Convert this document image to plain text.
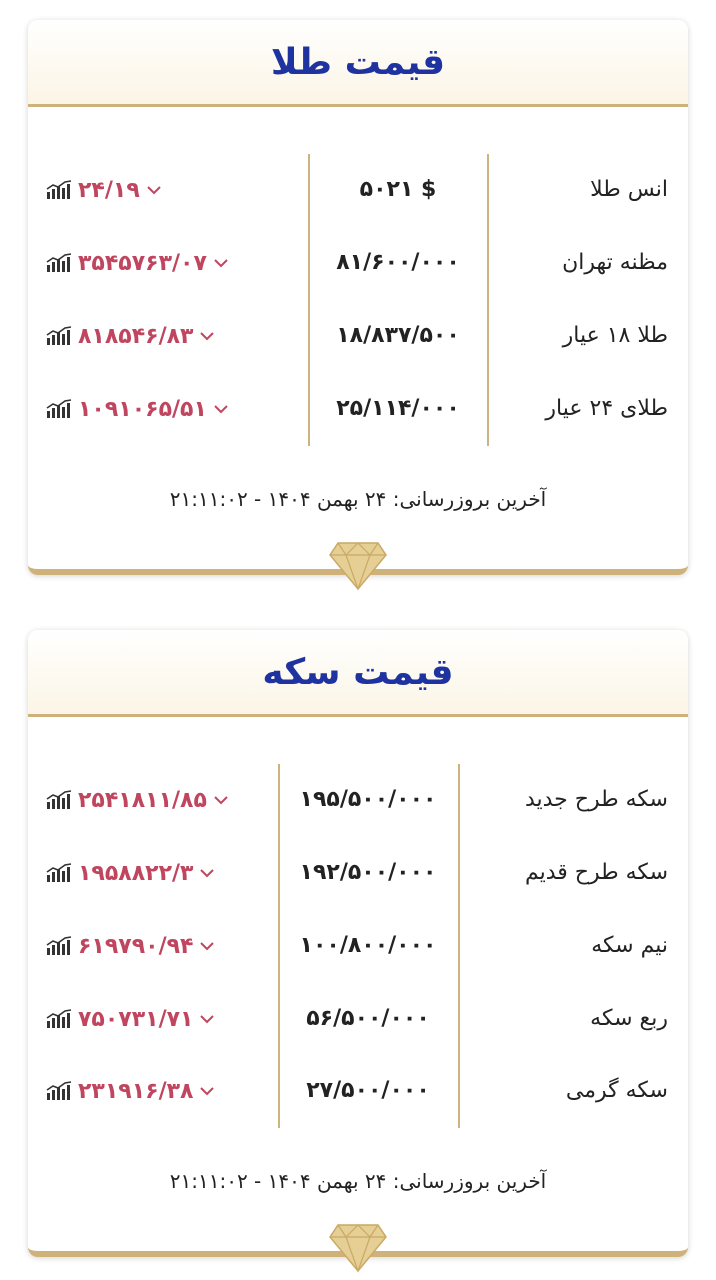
قیمت طلا
انس طلا
$ ۵۰۲۱
۲۴/۱۹
مظنه تهران
۸۱/۶۰۰/۰۰۰
۳۵۴۵۷۶۳/۰۷
طلا ۱۸ عیار
۱۸/۸۳۷/۵۰۰
۸۱۸۵۴۶/۸۳
طلای ۲۴ عیار
۲۵/۱۱۴/۰۰۰
۱۰۹۱۰۶۵/۵۱
آخرین بروزرسانی: ۲۴ بهمن ۱۴۰۴ - ۲۱:۱۱:۰۲
قیمت سکه
سکه طرح جدید
۱۹۵/۵۰۰/۰۰۰
۲۵۴۱۸۱۱/۸۵
سکه طرح قدیم
۱۹۲/۵۰۰/۰۰۰
۱۹۵۸۸۲۲/۳
نیم سکه
۱۰۰/۸۰۰/۰۰۰
۶۱۹۷۹۰/۹۴
ربع سکه
۵۶/۵۰۰/۰۰۰
۷۵۰۷۳۱/۷۱
سکه گرمی
۲۷/۵۰۰/۰۰۰
۲۳۱۹۱۶/۳۸
آخرین بروزرسانی: ۲۴ بهمن ۱۴۰۴ - ۲۱:۱۱:۰۲
